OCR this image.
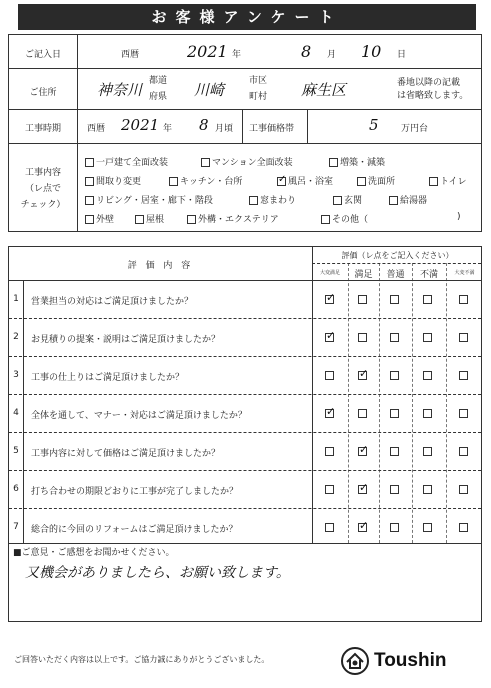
お客様アンケート
ご記入日	西暦	2021 年	8 月 10 日
ご住所	神奈川 都道
府県 川崎	市区
町村 麻生区	番地以降の記載
は省略致します。
工事時期	西暦 2021 年 8 月頃 工事価格帯	5 万円台
工事内容
（レ点で
チェック）
一戸建て全面改装	マンション全面改装	増築・減築
間取り変更	キッチン・台所
✓	風呂・浴室	洗面所	トイレ
リビング・居室・廊下・階段	窓まわり	玄関	給湯器
外壁	屋根	外構・エクステリア	その他（	)
評 価 内 容
評価（レ点をご記入ください）
大変満足	満足	普通	不満	大変不満
1	営業担当の対応はご満足頂けましたか？
✓
2	お見積りの提案・説明はご満足頂けましたか？
✓
3	工事の仕上りはご満足頂けましたか？
✓
4	全体を通して、マナー・対応はご満足頂けましたか？
✓
5	工事内容に対して価格はご満足頂けましたか？
✓
6	打ち合わせの期限どおりに工事が完了しましたか？
✓
7	総合的に今回のリフォームはご満足頂けましたか？
✓
■ご意見・ご感想をお聞かせください。
又機会がありましたら、お願い致します。
ご回答いただく内容は以上です。ご協力誠にありがとうございました。	Toushin
